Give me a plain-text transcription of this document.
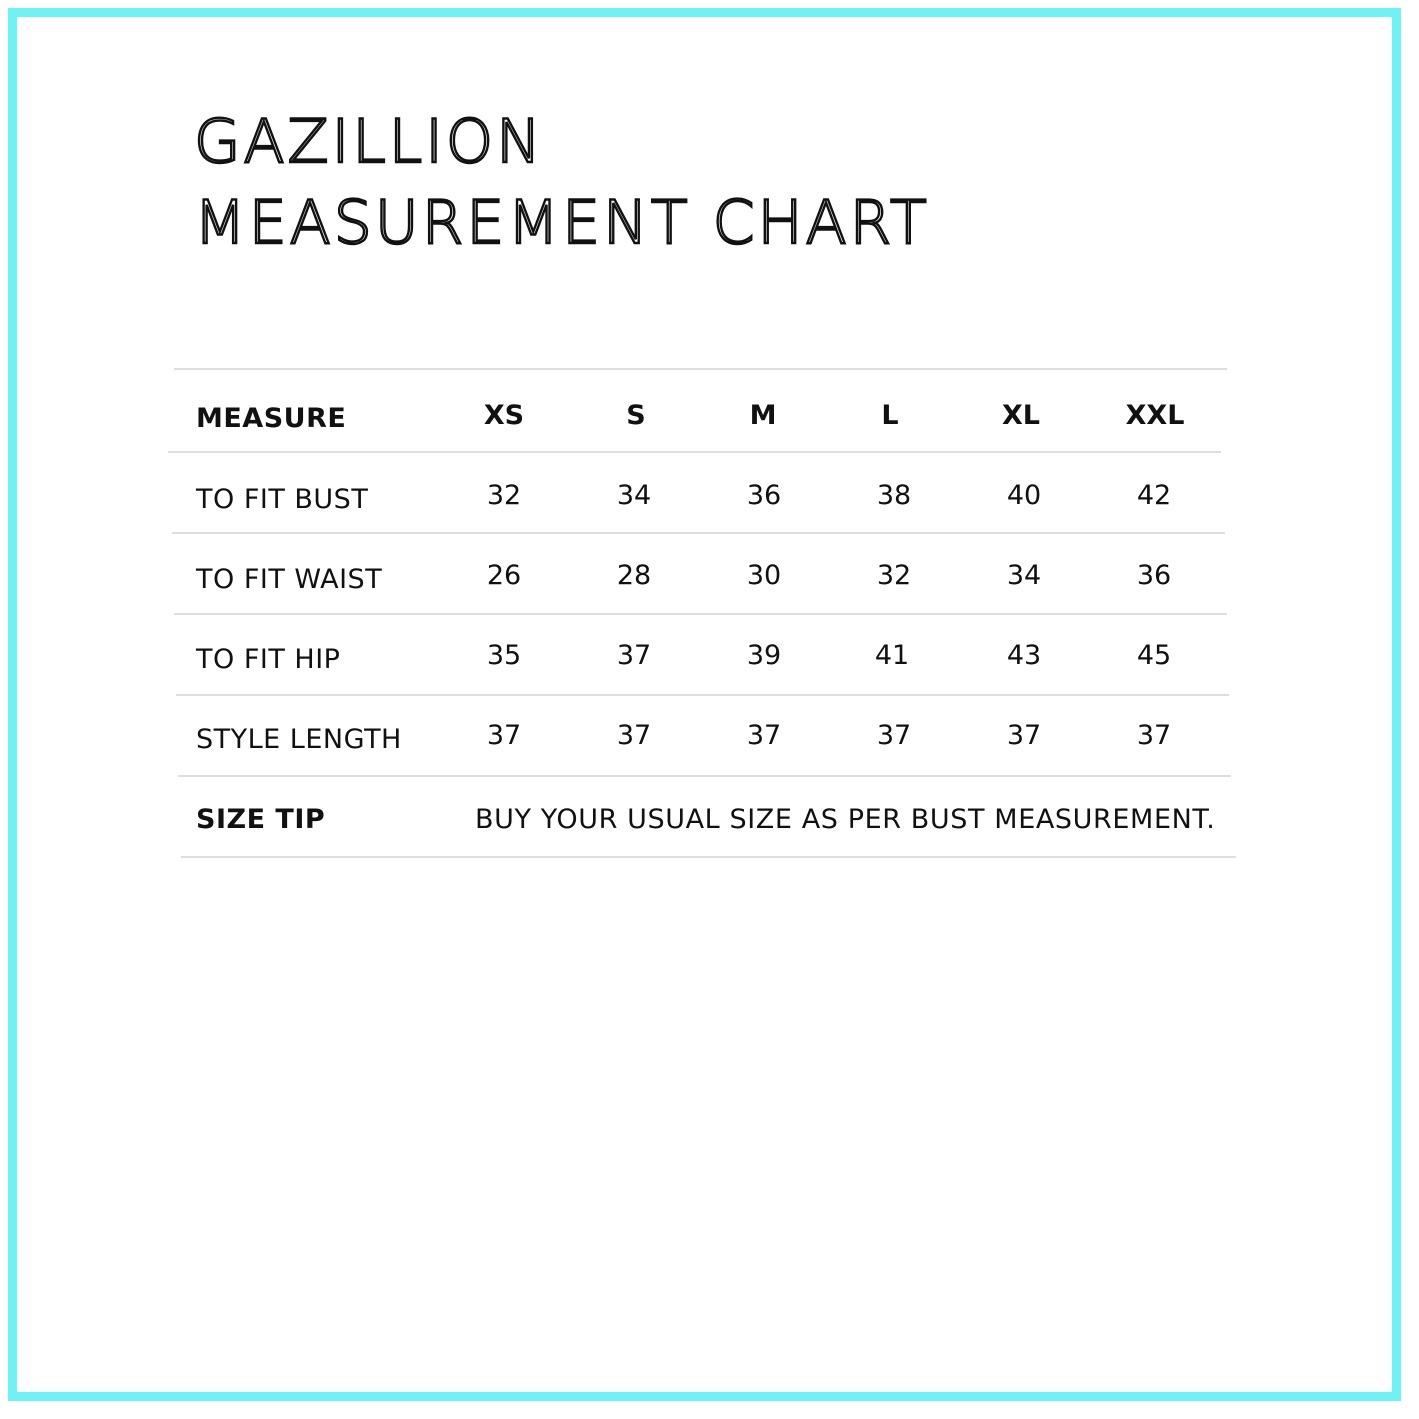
GAZILLION
MEASUREMENT CHART
MEASURE	XS	S	M	L	XL	XXL
TO FIT BUST	32	34	36	38	40	42
TO FIT WAIST	26	28	30	32	34	36
TO FIT HIP	35	37	39	41	43	45
STYLE LENGTH	37	37	37	37	37	37
SIZE TIP	BUY YOUR USUAL SIZE AS PER BUST MEASUREMENT.
